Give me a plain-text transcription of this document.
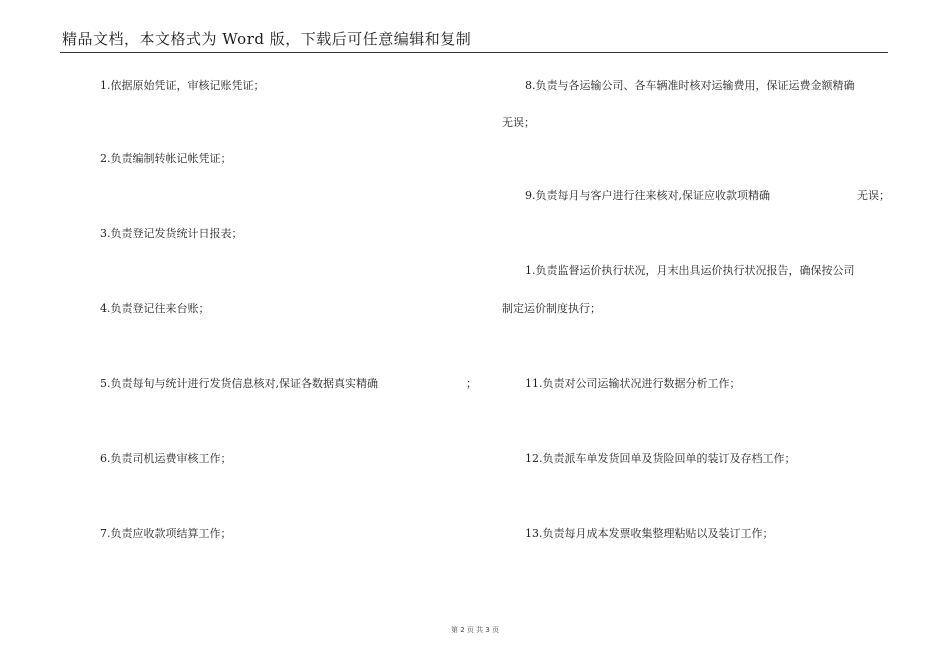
精品文档，本文格式为 Word 版，下载后可任意编辑和复制
1.依据原始凭证，审核记账凭证；
2.负责编制转帐记帐凭证；
3.负责登记发货统计日报表；
4.负责登记往来台账；
5.负责每旬与统计进行发货信息核对,保证各数据真实精确	；
6.负责司机运费审核工作；
7.负责应收款项结算工作；
8.负责与各运输公司、各车辆准时核对运输费用，保证运费金额精确
无误；
9.负责每月与客户进行往来核对,保证应收款项精确	无误；
1.负责监督运价执行状况，月末出具运价执行状况报告，确保按公司
制定运价制度执行；
11.负责对公司运输状况进行数据分析工作；
12.负责派车单发货回单及货险回单的装订及存档工作；
13.负责每月成本发票收集整理粘贴以及装订工作；
第 2 页 共 3 页
